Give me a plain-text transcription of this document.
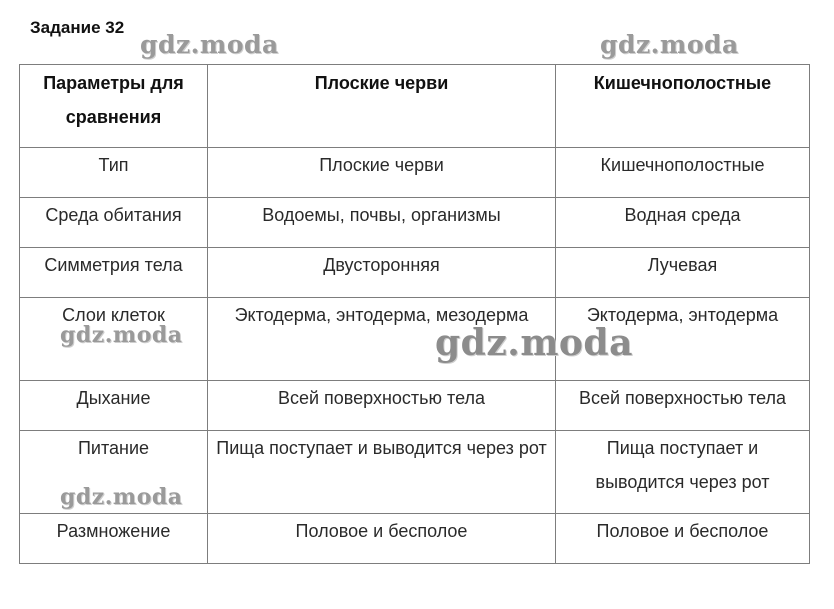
Задание 32
gdz.moda	gdz.moda
Параметры для сравнения	Плоские черви	Кишечнополостные
Тип	Плоские черви	Кишечнополостные
Среда обитания	Водоемы, почвы, организмы	Водная среда
Симметрия тела	Двусторонняя	Лучевая
Слои клеток	Эктодерма, энтодерма, мезодерма	Эктодерма, энтодерма
Дыхание	Всей поверхностью тела	Всей поверхностью тела
Питание	Пища поступает и выводится через рот	Пища поступает и выводится через рот
Размножение	Половое и бесполое	Половое и бесполое
gdz.moda	gdz.moda
gdz.moda
